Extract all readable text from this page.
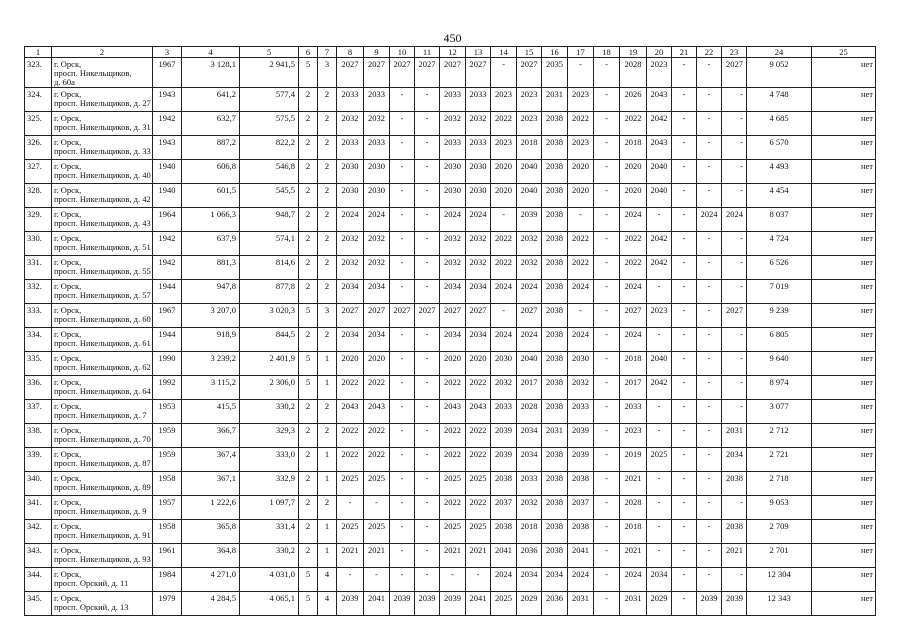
450
1	2	3	4	5	6	7	8	9	10	11	12	13	14	15	16	17	18	19	20	21	22	23	24	25
323.	г. Орск,
просп. Никельщиков,
д. 60а	1967	3 128,1	2 941,5	5	3	2027	2027	2027	2027	2027	2027	-	2027	2035	-	-	2028	2023	-	-	2027	9 052	нет
324.	г. Орск,
просп. Никельщиков, д. 27	1943	641,2	577,4	2	2	2033	2033	-	-	2033	2033	2023	2023	2031	2023	-	2026	2043	-	-	-	4 748	нет
325.	г. Орск,
просп. Никельщиков, д. 31	1942	632,7	575,5	2	2	2032	2032	-	-	2032	2032	2022	2023	2038	2022	-	2022	2042	-	-	-	4 685	нет
326.	г. Орск,
просп. Никельщиков, д. 33	1943	887,2	822,2	2	2	2033	2033	-	-	2033	2033	2023	2018	2038	2023	-	2018	2043	-	-	-	6 570	нет
327.	г. Орск,
просп. Никельщиков, д. 40	1940	606,8	546,8	2	2	2030	2030	-	-	2030	2030	2020	2040	2038	2020	-	2020	2040	-	-	-	4 493	нет
328.	г. Орск,
просп. Никельщиков, д. 42	1940	601,5	545,5	2	2	2030	2030	-	-	2030	2030	2020	2040	2038	2020	-	2020	2040	-	-	-	4 454	нет
329.	г. Орск,
просп. Никельщиков, д. 43	1964	1 066,3	948,7	2	2	2024	2024	-	-	2024	2024	-	2039	2038	-	-	2024	-	-	2024	2024	8 037	нет
330.	г. Орск,
просп. Никельщиков, д. 51	1942	637,9	574,1	2	2	2032	2032	-	-	2032	2032	2022	2032	2038	2022	-	2022	2042	-	-	-	4 724	нет
331.	г. Орск,
просп. Никельщиков, д. 55	1942	881,3	814,6	2	2	2032	2032	-	-	2032	2032	2022	2032	2038	2022	-	2022	2042	-	-	-	6 526	нет
332.	г. Орск,
просп. Никельщиков, д. 57	1944	947,8	877,8	2	2	2034	2034	-	-	2034	2034	2024	2024	2038	2024	-	2024	-	-	-	-	7 019	нет
333.	г. Орск,
просп. Никельщиков, д. 60	1967	3 207,0	3 020,3	5	3	2027	2027	2027	2027	2027	2027	-	2027	2038	-	-	2027	2023	-	-	2027	9 239	нет
334.	г. Орск,
просп. Никельщиков, д. 61	1944	918,9	844,5	2	2	2034	2034	-	-	2034	2034	2024	2024	2038	2024	-	2024	-	-	-	-	6 805	нет
335.	г. Орск,
просп. Никельщиков, д. 62	1990	3 239,2	2 401,9	5	1	2020	2020	-	-	2020	2020	2030	2040	2038	2030	-	2018	2040	-	-	-	9 640	нет
336.	г. Орск,
просп. Никельщиков, д. 64	1992	3 115,2	2 306,0	5	1	2022	2022	-	-	2022	2022	2032	2017	2038	2032	-	2017	2042	-	-	-	8 974	нет
337.	г. Орск,
просп. Никельщиков, д. 7	1953	415,5	330,2	2	2	2043	2043	-	-	2043	2043	2033	2028	2038	2033	-	2033	-	-	-	-	3 077	нет
338.	г. Орск,
просп. Никельщиков, д. 70	1959	366,7	329,3	2	2	2022	2022	-	-	2022	2022	2039	2034	2031	2039	-	2023	-	-	-	2031	2 712	нет
339.	г. Орск,
просп. Никельщиков, д. 87	1959	367,4	333,0	2	1	2022	2022	-	-	2022	2022	2039	2034	2038	2039	-	2019	2025	-	-	2034	2 721	нет
340.	г. Орск,
просп. Никельщиков, д. 89	1958	367,1	332,9	2	1	2025	2025	-	-	2025	2025	2038	2033	2038	2038	-	2021	-	-	-	2038	2 718	нет
341.	г. Орск,
просп. Никельщиков, д. 9	1957	1 222,6	1 097,7	2	2	-	-	-	-	2022	2022	2037	2032	2038	2037	-	2028	-	-	-	-	9 053	нет
342.	г. Орск,
просп. Никельщиков, д. 91	1958	365,8	331,4	2	1	2025	2025	-	-	2025	2025	2038	2018	2038	2038	-	2018	-	-	-	2038	2 709	нет
343.	г. Орск,
просп. Никельщиков, д. 93	1961	364,8	330,2	2	1	2021	2021	-	-	2021	2021	2041	2036	2038	2041	-	2021	-	-	-	2021	2 701	нет
344.	г. Орск,
просп. Орский, д. 11	1984	4 271,0	4 031,0	5	4	-	-	-	-	-	-	2024	2034	2034	2024	-	2024	2034	-	-	-	12 304	нет
345.	г. Орск,
просп. Орский, д. 13	1979	4 284,5	4 065,1	5	4	2039	2041	2039	2039	2039	2041	2025	2029	2036	2031	-	2031	2029	-	2039	2039	12 343	нет
